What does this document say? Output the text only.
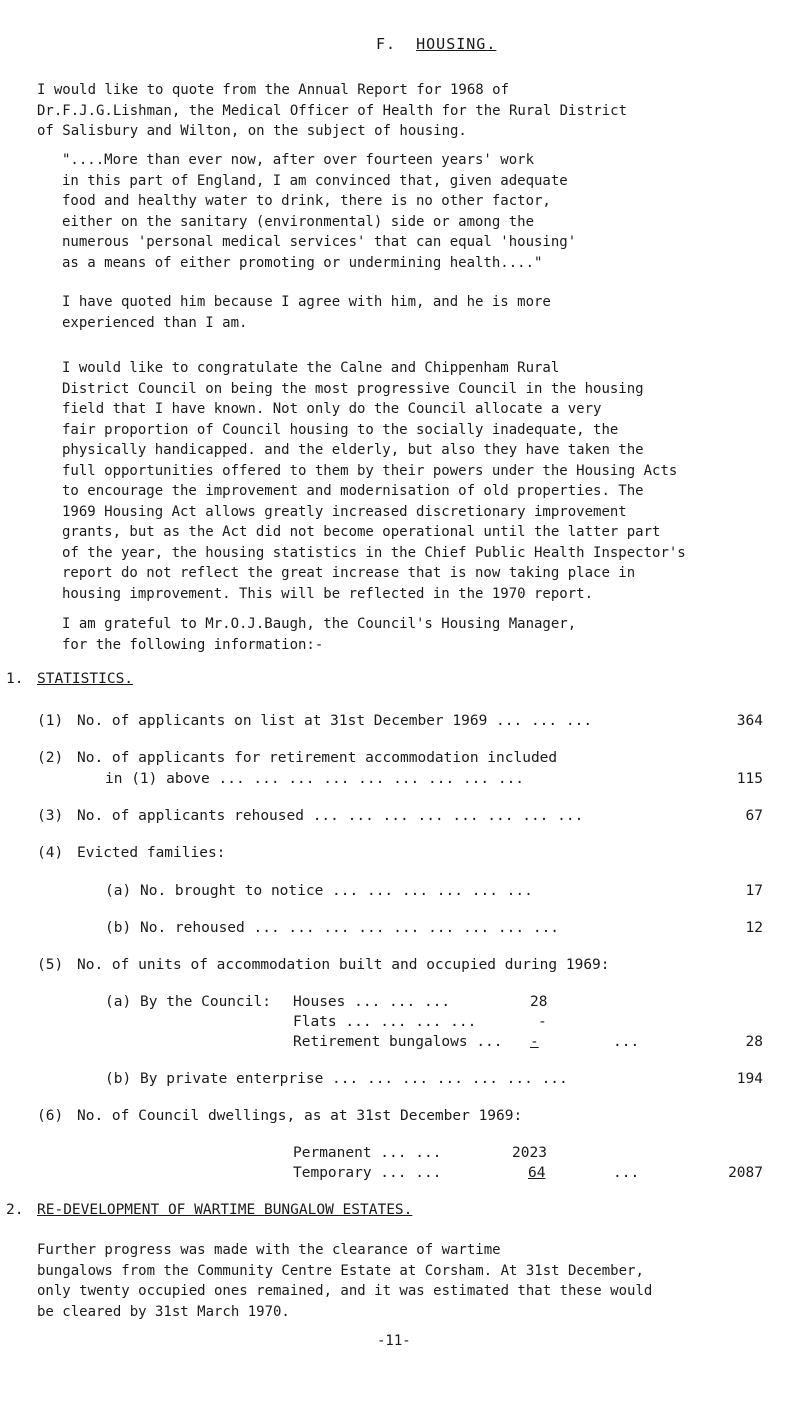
F. HOUSING.
I would like to quote from the Annual Report for 1968 of
Dr.F.J.G.Lishman, the Medical Officer of Health for the Rural District
of Salisbury and Wilton, on the subject of housing.
"....More than ever now, after over fourteen years' work
in this part of England, I am convinced that, given adequate
food and healthy water to drink, there is no other factor,
either on the sanitary (environmental) side or among the
numerous 'personal medical services' that can equal 'housing'
as a means of either promoting or undermining health...."
I have quoted him because I agree with him, and he is more
experienced than I am.
I would like to congratulate the Calne and Chippenham Rural
District Council on being the most progressive Council in the housing
field that I have known. Not only do the Council allocate a very
fair proportion of Council housing to the socially inadequate, the
physically handicapped. and the elderly, but also they have taken the
full opportunities offered to them by their powers under the Housing Acts
to encourage the improvement and modernisation of old properties. The
1969 Housing Act allows greatly increased discretionary improvement
grants, but as the Act did not become operational until the latter part
of the year, the housing statistics in the Chief Public Health Inspector's
report do not reflect the great increase that is now taking place in
housing improvement. This will be reflected in the 1970 report.
I am grateful to Mr.O.J.Baugh, the Council's Housing Manager,
for the following information:-
1. STATISTICS.
(1) No. of applicants on list at 31st December 1969 ... ... ...	364
(2) No. of applicants for retirement accommodation included
in (1) above ... ... ... ... ... ... ... ... ...	115
(3) No. of applicants rehoused ... ... ... ... ... ... ... ...	67
(4) Evicted families:
(a) No. brought to notice ... ... ... ... ... ...	17
(b) No. rehoused ... ... ... ... ... ... ... ... ...	12
(5) No. of units of accommodation built and occupied during 1969:
(a) By the Council: Houses ... ... ...	28
Flats ... ... ... ...	-
Retirement bungalows ... -	...	28
(b) By private enterprise ... ... ... ... ... ... ...	194
(6) No. of Council dwellings, as at 31st December 1969:
Permanent ... ...	2023
Temporary ... ...	64	...	2087
2. RE-DEVELOPMENT OF WARTIME BUNGALOW ESTATES.
Further progress was made with the clearance of wartime
bungalows from the Community Centre Estate at Corsham. At 31st December,
only twenty occupied ones remained, and it was estimated that these would
be cleared by 31st March 1970.
-11-
